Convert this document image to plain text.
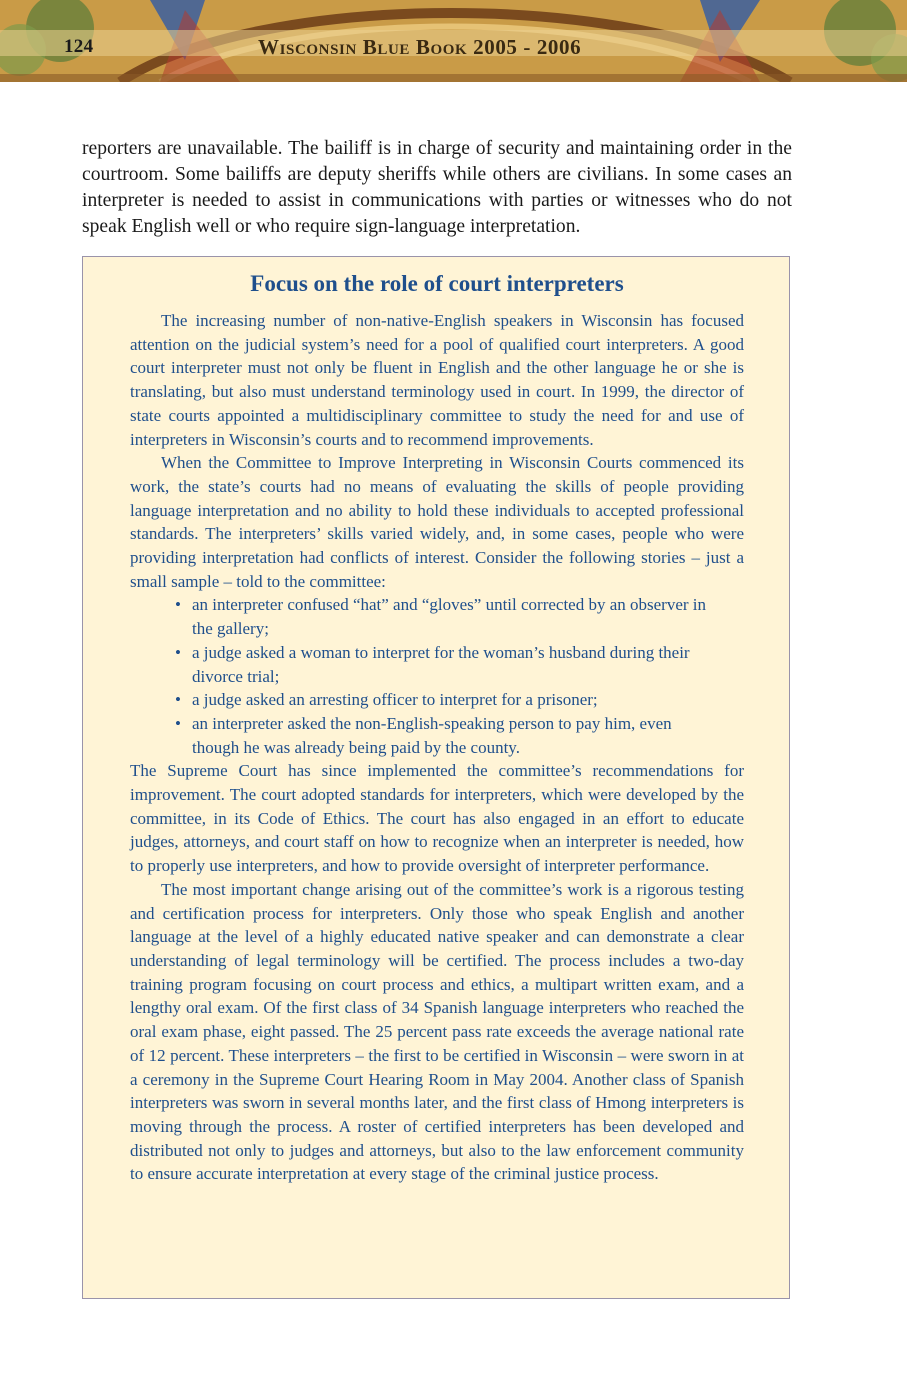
124	Wisconsin Blue Book 2005 - 2006

reporters are unavailable. The bailiff is in charge of security and maintaining order in the courtroom. Some bailiffs are deputy sheriffs while others are civilians. In some cases an interpreter is needed to assist in communications with parties or witnesses who do not speak English well or who require sign-language interpretation.

Focus on the role of court interpreters

The increasing number of non-native-English speakers in Wisconsin has focused attention on the judicial system’s need for a pool of qualified court interpreters. A good court interpreter must not only be fluent in English and the other language he or she is translating, but also must understand terminology used in court. In 1999, the director of state courts appointed a multidisciplinary committee to study the need for and use of interpreters in Wisconsin’s courts and to recommend improvements.

When the Committee to Improve Interpreting in Wisconsin Courts commenced its work, the state’s courts had no means of evaluating the skills of people providing language interpretation and no ability to hold these individuals to accepted professional standards. The interpreters’ skills varied widely, and, in some cases, people who were providing interpretation had conflicts of interest. Consider the following stories – just a small sample – told to the committee:

• an interpreter confused “hat” and “gloves” until corrected by an observer in the gallery;
• a judge asked a woman to interpret for the woman’s husband during their divorce trial;
• a judge asked an arresting officer to interpret for a prisoner;
• an interpreter asked the non-English-speaking person to pay him, even though he was already being paid by the county.

The Supreme Court has since implemented the committee’s recommendations for improvement. The court adopted standards for interpreters, which were developed by the committee, in its Code of Ethics. The court has also engaged in an effort to educate judges, attorneys, and court staff on how to recognize when an interpreter is needed, how to properly use interpreters, and how to provide oversight of interpreter performance.

The most important change arising out of the committee’s work is a rigorous testing and certification process for interpreters. Only those who speak English and another language at the level of a highly educated native speaker and can demonstrate a clear understanding of legal terminology will be certified. The process includes a two-day training program focusing on court process and ethics, a multipart written exam, and a lengthy oral exam. Of the first class of 34 Spanish language interpreters who reached the oral exam phase, eight passed. The 25 percent pass rate exceeds the average national rate of 12 percent. These interpreters – the first to be certified in Wisconsin – were sworn in at a ceremony in the Supreme Court Hearing Room in May 2004. Another class of Spanish interpreters was sworn in several months later, and the first class of Hmong interpreters is moving through the process. A roster of certified interpreters has been developed and distributed not only to judges and attorneys, but also to the law enforcement community to ensure accurate interpretation at every stage of the criminal justice process.
